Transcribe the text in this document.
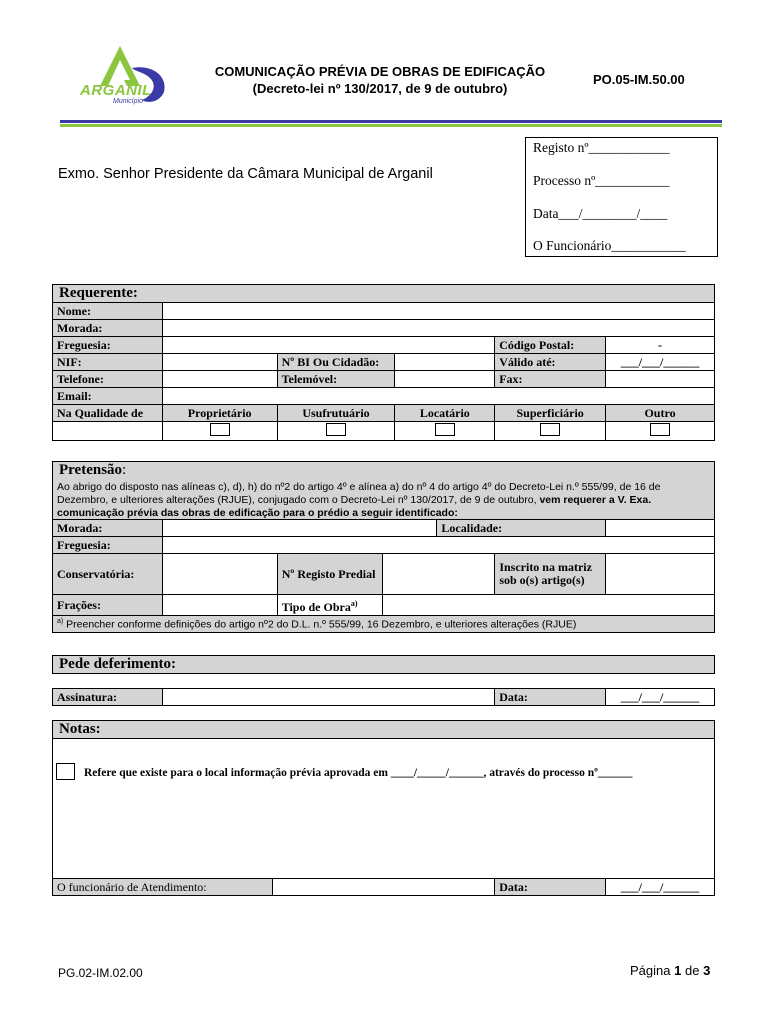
ARGANIL
Município
COMUNICAÇÃO PRÉVIA DE OBRAS DE EDIFICAÇÃO
(Decreto-lei nº 130/2017, de 9 de outubro)
PO.05-IM.50.00
Registo nº____________
Processo nº___________
Data___/________/____
O Funcionário___________
Exmo. Senhor Presidente da Câmara Municipal de Arganil
Requerente:
Nome:					
Morada:					
Freguesia:				Código Postal:	-
NIF:		Nº BI Ou Cidadão:		Válido até:	___/___/______
Telefone:		Telemóvel:		Fax:	
Email:					
Na Qualidade de	Proprietário	Usufrutuário	Locatário	Superficiário	Outro

Pretensão:
Ao abrigo do disposto nas alíneas c), d), h) do nº2 do artigo 4º e alínea a) do nº 4 do artigo 4º do Decreto-Lei n.º 555/99, de 16 de Dezembro, e ulteriores alterações (RJUE), conjugado com o Decreto-Lei nº 130/2017, de 9 de outubro, vem requerer a V. Exa. comunicação prévia das obras de edificação para o prédio a seguir identificado:
Morada:				Localidade:		
Freguesia:						
Conservatória:		Nº Registo Predial			Inscrito na matriz sob o(s) artigo(s)	
Frações:		Tipo de Obra$^{a)}$	
$^{a)}$ Preencher conforme definições do artigo nº2 do D.L. n.º 555/99, 16 Dezembro, e ulteriores alterações (RJUE)						
Pede deferimento:
Assinatura:		Data:	___/___/______
Notas:
Refere que existe para o local informação prévia aprovada em ____/_____/______, através do processo nº______
O funcionário de Atendimento:		Data:	___/___/______
PG.02-IM.02.00	Página 1 de 3
